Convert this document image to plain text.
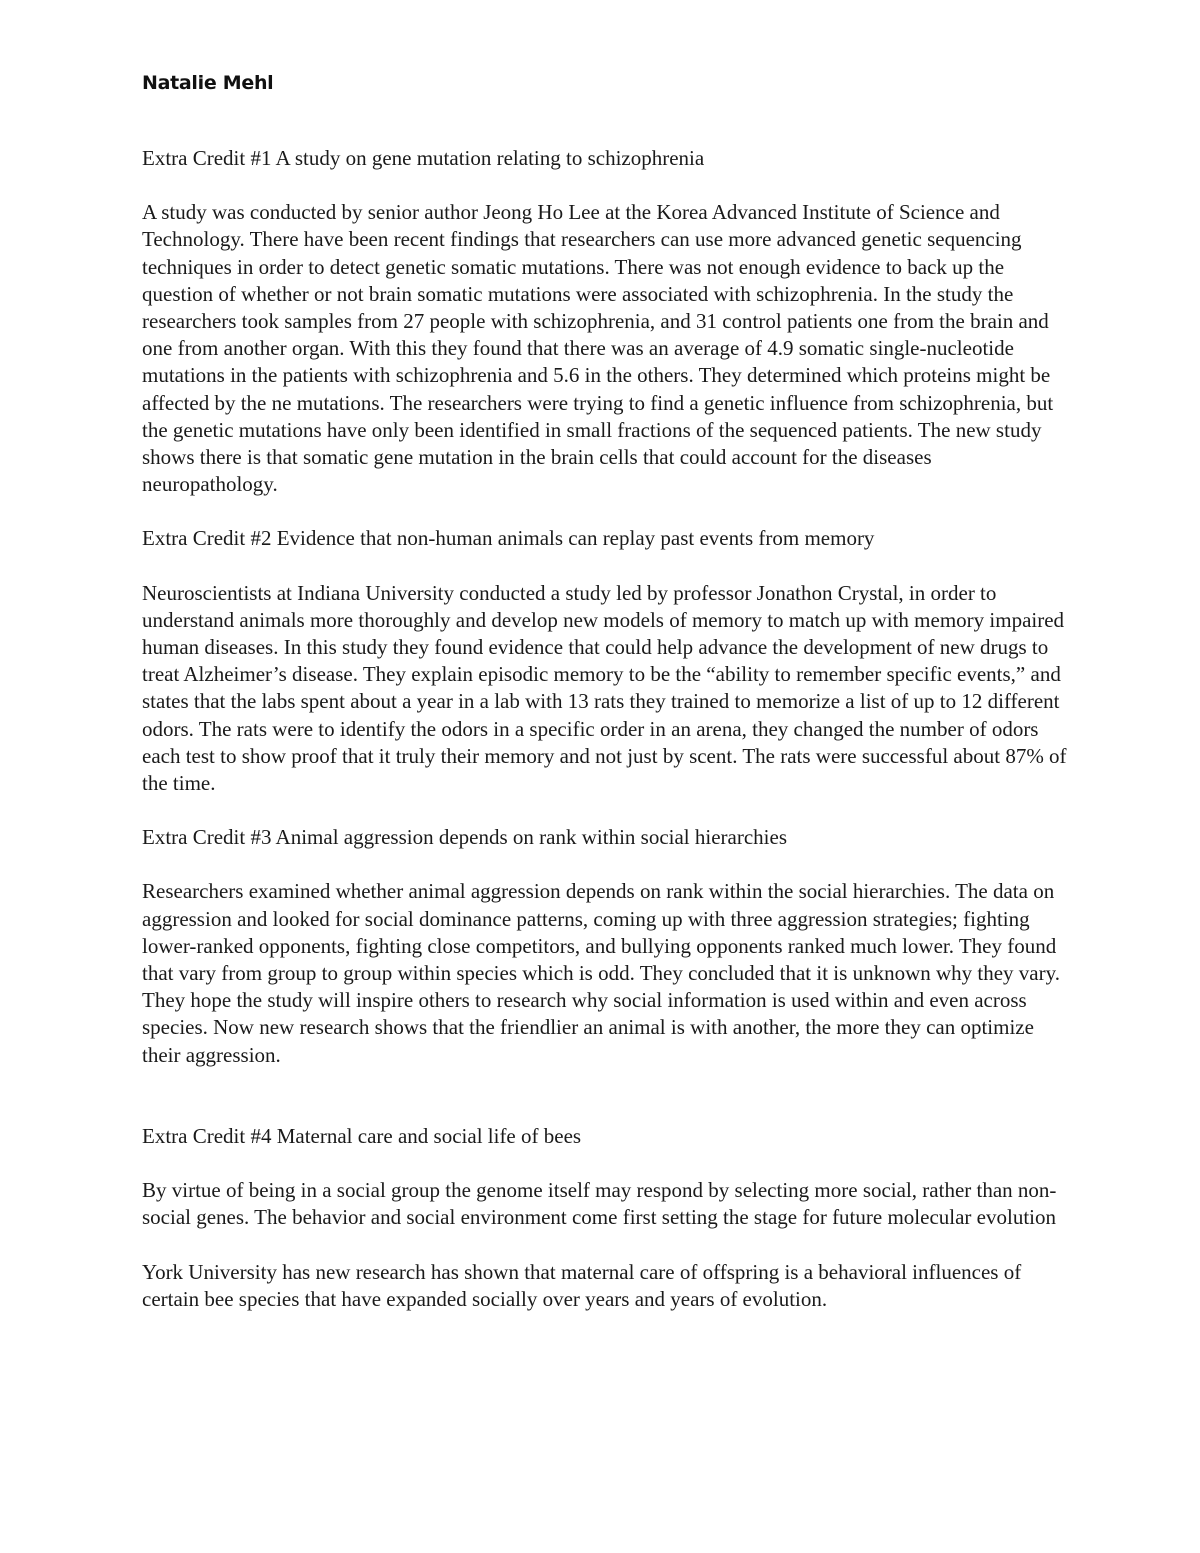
Natalie Mehl

Extra Credit #1 A study on gene mutation relating to schizophrenia

A study was conducted by senior author Jeong Ho Lee at the Korea Advanced Institute of Science and Technology. There have been recent findings that researchers can use more advanced genetic sequencing techniques in order to detect genetic somatic mutations. There was not enough evidence to back up the question of whether or not brain somatic mutations were associated with schizophrenia. In the study the researchers took samples from 27 people with schizophrenia, and 31 control patients one from the brain and one from another organ. With this they found that there was an average of 4.9 somatic single-nucleotide mutations in the patients with schizophrenia and 5.6 in the others. They determined which proteins might be affected by the ne mutations. The researchers were trying to find a genetic influence from schizophrenia, but the genetic mutations have only been identified in small fractions of the sequenced patients. The new study shows there is that somatic gene mutation in the brain cells that could account for the diseases neuropathology.

Extra Credit #2 Evidence that non-human animals can replay past events from memory

Neuroscientists at Indiana University conducted a study led by professor Jonathon Crystal, in order to understand animals more thoroughly and develop new models of memory to match up with memory impaired human diseases. In this study they found evidence that could help advance the development of new drugs to treat Alzheimer’s disease. They explain episodic memory to be the “ability to remember specific events,” and states that the labs spent about a year in a lab with 13 rats they trained to memorize a list of up to 12 different odors. The rats were to identify the odors in a specific order in an arena, they changed the number of odors each test to show proof that it truly their memory and not just by scent. The rats were successful about 87% of the time.

Extra Credit #3 Animal aggression depends on rank within social hierarchies

Researchers examined whether animal aggression depends on rank within the social hierarchies. The data on aggression and looked for social dominance patterns, coming up with three aggression strategies; fighting lower-ranked opponents, fighting close competitors, and bullying opponents ranked much lower. They found that vary from group to group within species which is odd. They concluded that it is unknown why they vary. They hope the study will inspire others to research why social information is used within and even across species. Now new research shows that the friendlier an animal is with another, the more they can optimize their aggression.

Extra Credit #4 Maternal care and social life of bees

By virtue of being in a social group the genome itself may respond by selecting more social, rather than non-social genes. The behavior and social environment come first setting the stage for future molecular evolution

York University has new research has shown that maternal care of offspring is a behavioral influences of certain bee species that have expanded socially over years and years of evolution.
